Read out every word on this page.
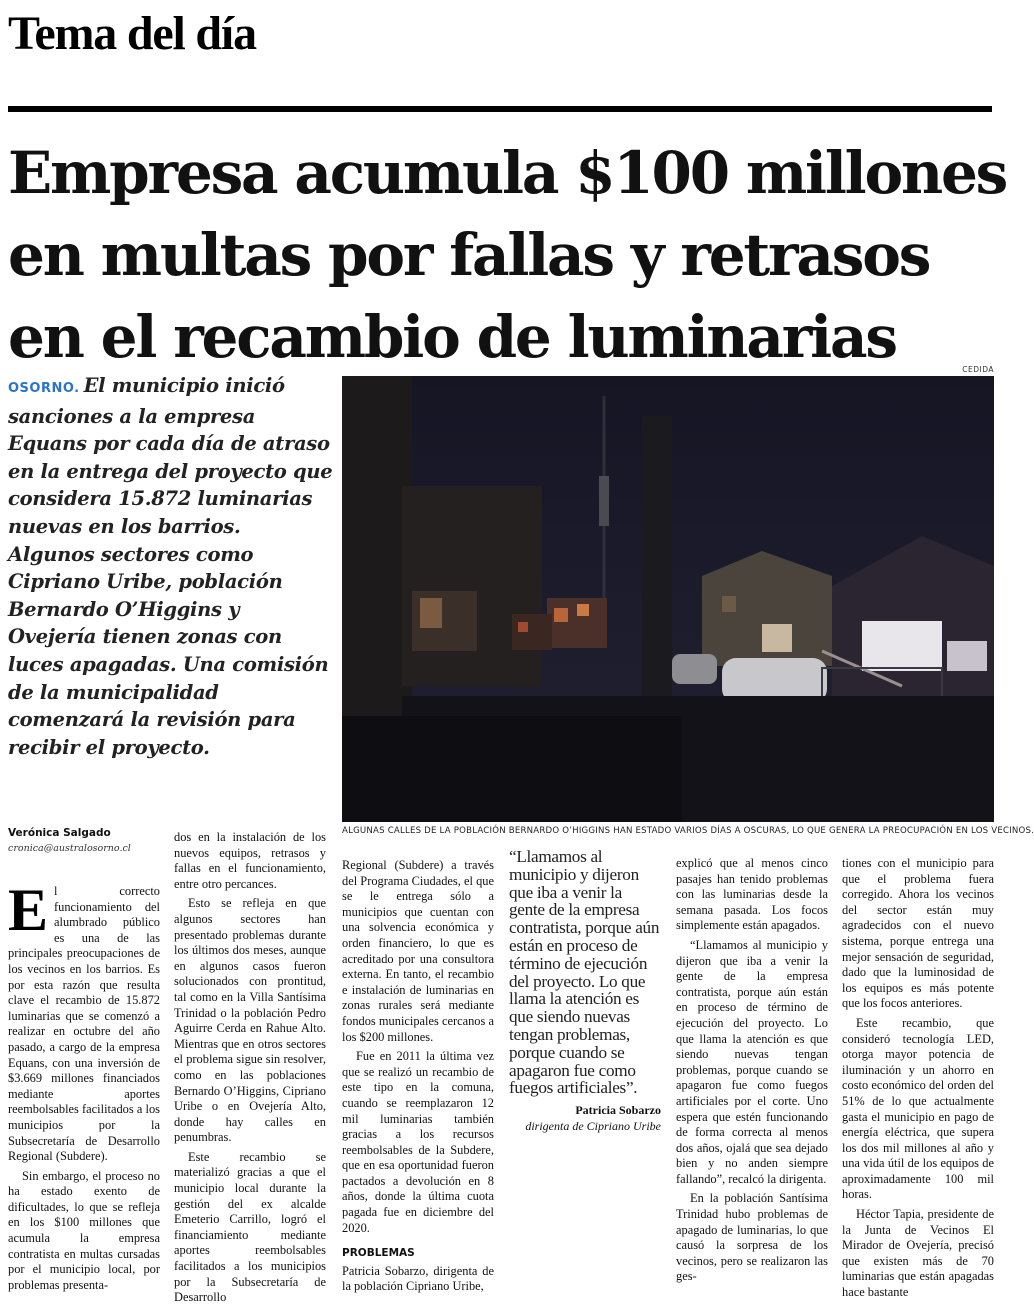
Tema del día
Empresa acumula $100 millones
en multas por fallas y retrasos
en el recambio de luminarias
OSORNO. El municipio inició sanciones a la empresa Equans por cada día de atraso en la entrega del proyecto que considera 15.872 luminarias nuevas en los barrios. Algunos sectores como Cipriano Uribe, población Bernardo O’Higgins y Ovejería tienen zonas con luces apagadas. Una comisión de la municipalidad comenzará la revisión para recibir el proyecto.
CEDIDA
ALGUNAS CALLES DE LA POBLACIÓN BERNARDO O’HIGGINS HAN ESTADO VARIOS DÍAS A OSCURAS, LO QUE GENERA LA PREOCUPACIÓN EN LOS VECINOS.
Verónica Salgado
cronica@australosorno.cl
E l correcto funcionamiento del alumbrado público es una de las principales preocupaciones de los vecinos en los barrios. Es por esta razón que resulta clave el recambio de 15.872 luminarias que se comenzó a realizar en octubre del año pasado, a cargo de la empresa Equans, con una inversión de $3.669 millones financiados mediante aportes reembolsables facilitados a los municipios por la Subsecretaría de Desarrollo Regional (Subdere).

Sin embargo, el proceso no ha estado exento de dificultades, lo que se refleja en los $100 millones que acumula la empresa contratista en multas cursadas por el municipio local, por problemas presenta-

dos en la instalación de los nuevos equipos, retrasos y fallas en el funcionamiento, entre otro percances.

Esto se refleja en que algunos sectores han presentado problemas durante los últimos dos meses, aunque en algunos casos fueron solucionados con prontitud, tal como en la Villa Santísima Trinidad o la población Pedro Aguirre Cerda en Rahue Alto. Mientras que en otros sectores el problema sigue sin resolver, como en las poblaciones Bernardo O’Higgins, Cipriano Uribe o en Ovejería Alto, donde hay calles en penumbras.

Este recambio se materializó gracias a que el municipio local durante la gestión del ex alcalde Emeterio Carrillo, logró el financiamiento mediante aportes reembolsables facilitados a los municipios por la Subsecretaría de Desarrollo

Regional (Subdere) a través del Programa Ciudades, el que se le entrega sólo a municipios que cuentan con una solvencia económica y orden financiero, lo que es acreditado por una consultora externa. En tanto, el recambio e instalación de luminarias en zonas rurales será mediante fondos municipales cercanos a los $200 millones.

Fue en 2011 la última vez que se realizó un recambio de este tipo en la comuna, cuando se reemplazaron 12 mil luminarias también gracias a los recursos reembolsables de la Subdere, que en esa oportunidad fueron pactados a devolución en 8 años, donde la última cuota pagada fue en diciembre del 2020.

PROBLEMAS

Patricia Sobarzo, dirigenta de la población Cipriano Uribe,

“Llamamos al municipio y dijeron que iba a venir la gente de la empresa contratista, porque aún están en proceso de término de ejecución del proyecto. Lo que llama la atención es que siendo nuevas tengan problemas, porque cuando se apagaron fue como fuegos artificiales”.
Patricia Sobarzo
dirigenta de Cipriano Uribe

explicó que al menos cinco pasajes han tenido problemas con las luminarias desde la semana pasada. Los focos simplemente están apagados.

“Llamamos al municipio y dijeron que iba a venir la gente de la empresa contratista, porque aún están en proceso de término de ejecución del proyecto. Lo que llama la atención es que siendo nuevas tengan problemas, porque cuando se apagaron fue como fuegos artificiales por el corte. Uno espera que estén funcionando de forma correcta al menos dos años, ojalá que sea dejado bien y no anden siempre fallando”, recalcó la dirigenta.

En la población Santísima Trinidad hubo problemas de apagado de luminarias, lo que causó la sorpresa de los vecinos, pero se realizaron las ges-

tiones con el municipio para que el problema fuera corregido. Ahora los vecinos del sector están muy agradecidos con el nuevo sistema, porque entrega una mejor sensación de seguridad, dado que la luminosidad de los equipos es más potente que los focos anteriores.

Este recambio, que consideró tecnología LED, otorga mayor potencia de iluminación y un ahorro en costo económico del orden del 51% de lo que actualmente gasta el municipio en pago de energía eléctrica, que supera los dos mil millones al año y una vida útil de los equipos de aproximadamente 100 mil horas.

Héctor Tapia, presidente de la Junta de Vecinos El Mirador de Ovejería, precisó que existen más de 70 luminarias que están apagadas hace bastante
